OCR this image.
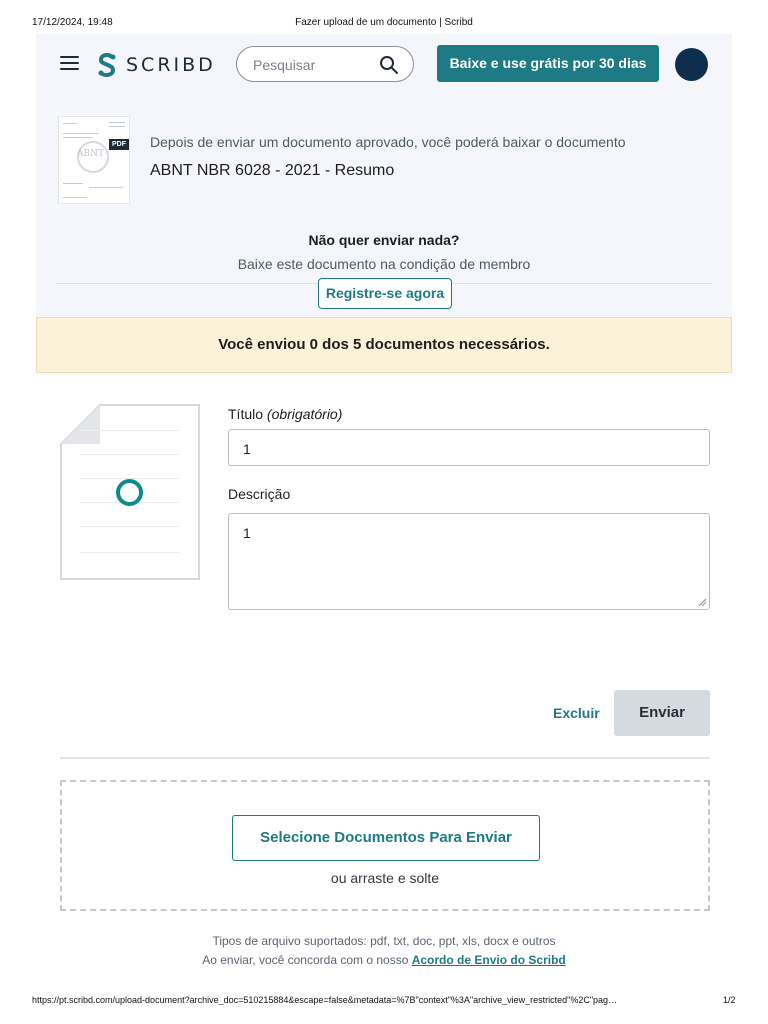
17/12/2024, 19:48	Fazer upload de um documento | Scribd
SCRIBD	Pesquisar	Baixe e use grátis por 30 dias
ABNT
PDF Depois de enviar um documento aprovado, você poderá baixar o documento
ABNT NBR 6028 - 2021 - Resumo
Não quer enviar nada?
Baixe este documento na condição de membro
Registre-se agora
Você enviou 0 dos 5 documentos necessários.
Título (obrigatório)
1
Descrição
1
Excluir	Enviar
Selecione Documentos Para Enviar
ou arraste e solte
Tipos de arquivo suportados: pdf, txt, doc, ppt, xls, docx e outros
Ao enviar, você concorda com o nosso Acordo de Envio do Scribd
https://pt.scribd.com/upload-document?archive_doc=510215884&escape=false&metadata=%7B"context"%3A"archive_view_restricted"%2C"pag…	1/2
